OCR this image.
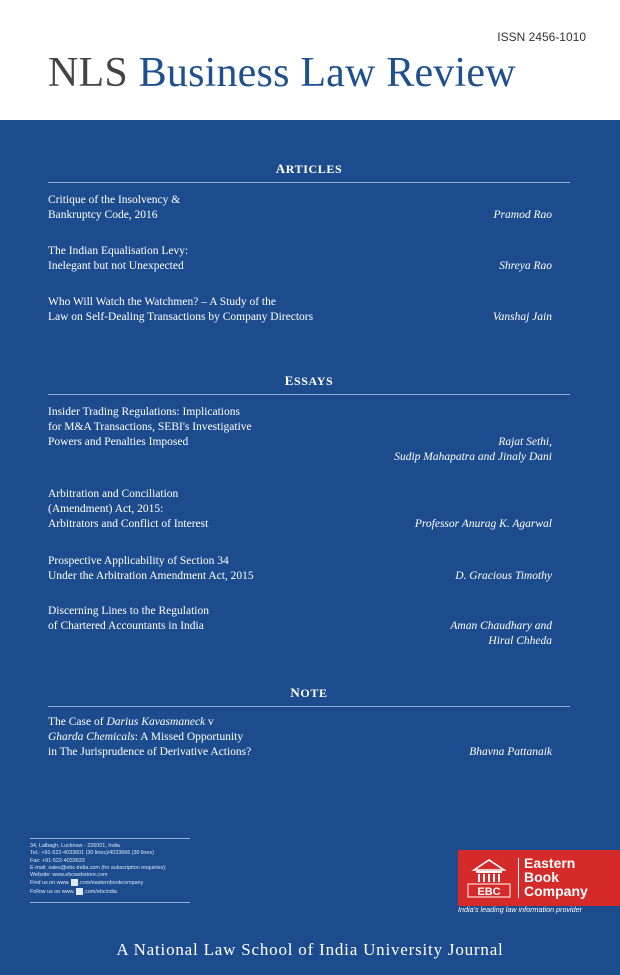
ISSN 2456-1010
NLS Business Law Review
ARTICLES
Critique of the Insolvency &
Bankruptcy Code, 2016	Pramod Rao
The Indian Equalisation Levy:
Inelegant but not Unexpected	Shreya Rao
Who Will Watch the Watchmen? – A Study of the
Law on Self-Dealing Transactions by Company Directors	Vanshaj Jain
ESSAYS
Insider Trading Regulations: Implications
for M&A Transactions, SEBI's Investigative
Powers and Penalties Imposed	Rajat Sethi,
Sudip Mahapatra and Jinaly Dani
Arbitration and Conciliation
(Amendment) Act, 2015:
Arbitrators and Conflict of Interest	Professor Anurag K. Agarwal
Prospective Applicability of Section 34
Under the Arbitration Amendment Act, 2015	D. Gracious Timothy
Discerning Lines to the Regulation
of Chartered Accountants in India	Aman Chaudhary and
Hiral Chheda
NOTE
The Case of Darius Kavasmaneck v
Gharda Chemicals: A Missed Opportunity
in The Jurisprudence of Derivative Actions?	Bhavna Pattanaik
34, Lalbagh, Lucknow - 226001, India
Tel.: +91-522-4033601 (30 lines)/4033666 (30 lines)
Fax: +91-522-4033633
E-mail: sales@ebc-india.com (for subscription enquiries);
Website: www.ebcwebstore.com
Find us on www. .com/easternbookcompany
Follow us on www. .com/ebcindia	EBC
Eastern
Book
Company
India's leading law information provider
A National Law School of India University Journal
